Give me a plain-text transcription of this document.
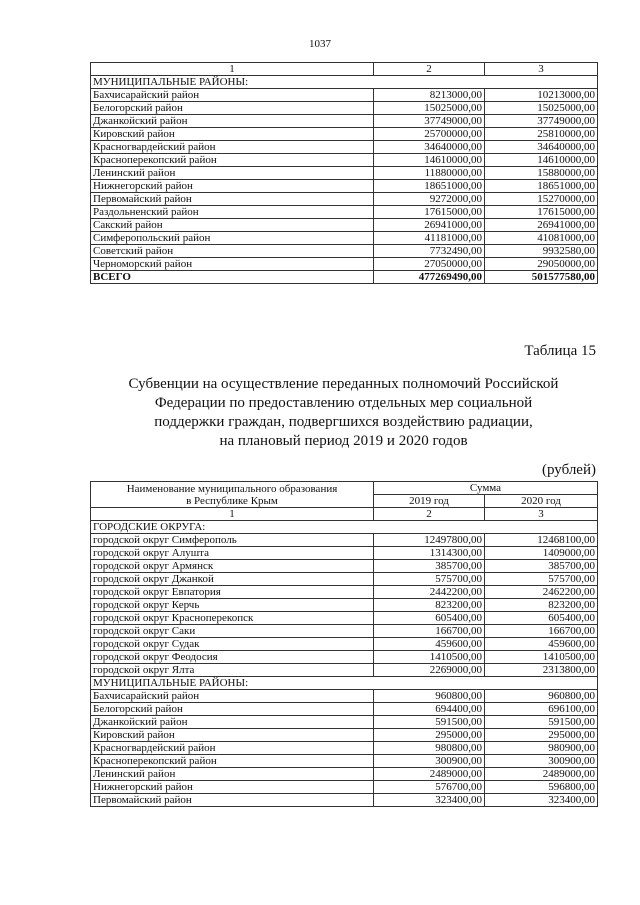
1037
1	2	3
МУНИЦИПАЛЬНЫЕ РАЙОНЫ:		
Бахчисарайский район	8213000,00	10213000,00
Белогорский район	15025000,00	15025000,00
Джанкойский район	37749000,00	37749000,00
Кировский район	25700000,00	25810000,00
Красногвардейский район	34640000,00	34640000,00
Красноперекопский район	14610000,00	14610000,00
Ленинский район	11880000,00	15880000,00
Нижнегорский район	18651000,00	18651000,00
Первомайский район	9272000,00	15270000,00
Раздольненский район	17615000,00	17615000,00
Сакский район	26941000,00	26941000,00
Симферопольский район	41181000,00	41081000,00
Советский район	7732490,00	9932580,00
Черноморский район	27050000,00	29050000,00
ВСЕГО	477269490,00	501577580,00
Таблица 15
Субвенции на осуществление переданных полномочий Российской
Федерации по предоставлению отдельных мер социальной
поддержки граждан, подвергшихся воздействию радиации,
на плановый период 2019 и 2020 годов
(рублей)
Наименование муниципального образования
в Республике Крым	Сумма	
	2019 год	2020 год
1	2	3
ГОРОДСКИЕ ОКРУГА:		
городской округ Симферополь	12497800,00	12468100,00
городской округ Алушта	1314300,00	1409000,00
городской округ Армянск	385700,00	385700,00
городской округ Джанкой	575700,00	575700,00
городской округ Евпатория	2442200,00	2462200,00
городской округ Керчь	823200,00	823200,00
городской округ Красноперекопск	605400,00	605400,00
городской округ Саки	166700,00	166700,00
городской округ Судак	459600,00	459600,00
городской округ Феодосия	1410500,00	1410500,00
городской округ Ялта	2269000,00	2313800,00
МУНИЦИПАЛЬНЫЕ РАЙОНЫ:		
Бахчисарайский район	960800,00	960800,00
Белогорский район	694400,00	696100,00
Джанкойский район	591500,00	591500,00
Кировский район	295000,00	295000,00
Красногвардейский район	980800,00	980900,00
Красноперекопский район	300900,00	300900,00
Ленинский район	2489000,00	2489000,00
Нижнегорский район	576700,00	596800,00
Первомайский район	323400,00	323400,00
